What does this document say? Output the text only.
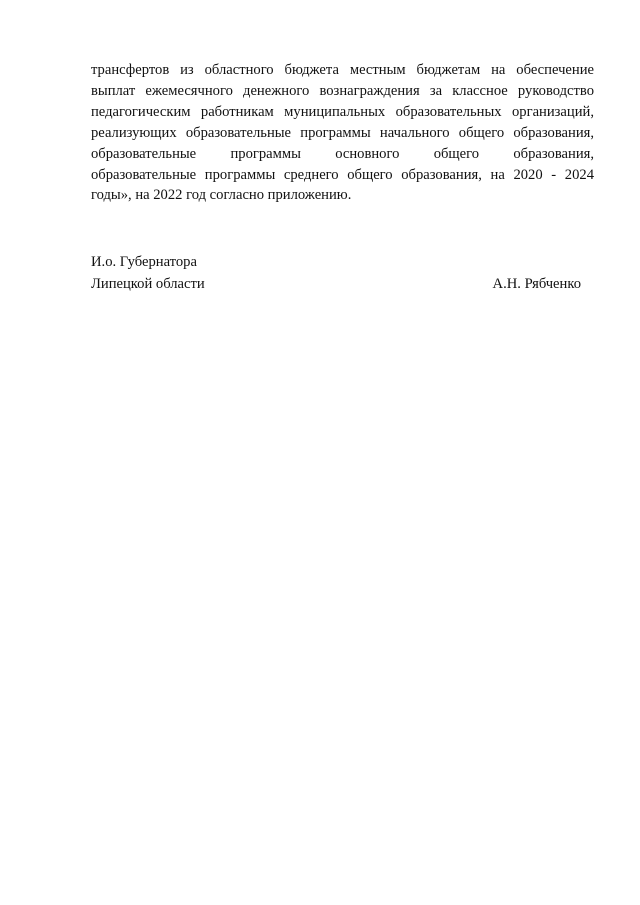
трансфертов из областного бюджета местным бюджетам на обеспечение
выплат ежемесячного денежного вознаграждения за классное руководство
педагогическим работникам муниципальных образовательных организаций,
реализующих образовательные программы начального общего образования,
образовательные программы основного общего образования,
образовательные программы среднего общего образования, на 2020 - 2024
годы», на 2022 год согласно приложению.
И.о. Губернатора
Липецкой области	А.Н. Рябченко
